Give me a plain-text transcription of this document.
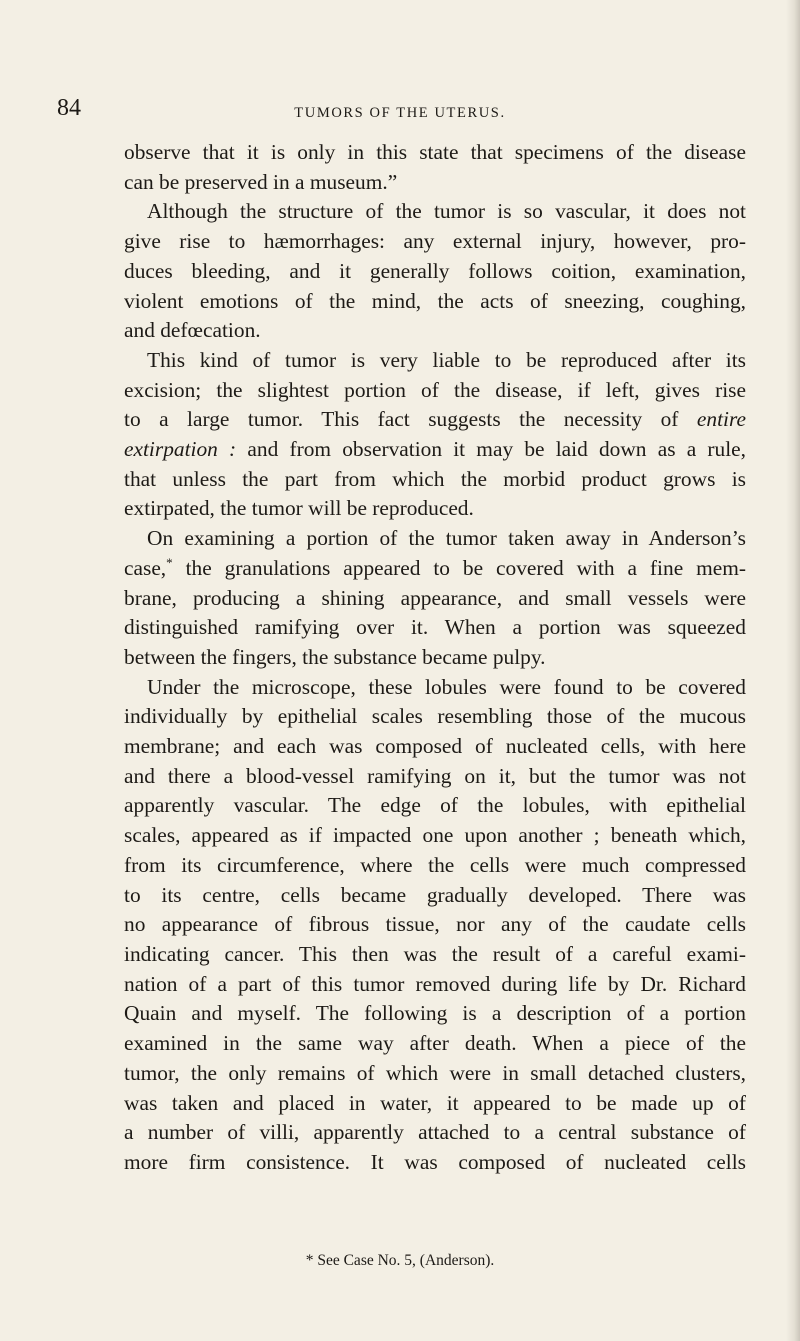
84	TUMORS OF THE UTERUS.
observe that it is only in this state that specimens of the disease
can be preserved in a museum.”
Although the structure of the tumor is so vascular, it does not
give rise to hæmorrhages: any external injury, however, pro-
duces bleeding, and it generally follows coition, examination,
violent emotions of the mind, the acts of sneezing, coughing,
and defœcation.
This kind of tumor is very liable to be reproduced after its
excision; the slightest portion of the disease, if left, gives rise
to a large tumor. This fact suggests the necessity of entire
extirpation : and from observation it may be laid down as a rule,
that unless the part from which the morbid product grows is
extirpated, the tumor will be reproduced.
On examining a portion of the tumor taken away in Anderson’s
case,* the granulations appeared to be covered with a fine mem-
brane, producing a shining appearance, and small vessels were
distinguished ramifying over it. When a portion was squeezed
between the fingers, the substance became pulpy.
Under the microscope, these lobules were found to be covered
individually by epithelial scales resembling those of the mucous
membrane; and each was composed of nucleated cells, with here
and there a blood-vessel ramifying on it, but the tumor was not
apparently vascular. The edge of the lobules, with epithelial
scales, appeared as if impacted one upon another ; beneath which,
from its circumference, where the cells were much compressed
to its centre, cells became gradually developed. There was
no appearance of fibrous tissue, nor any of the caudate cells
indicating cancer. This then was the result of a careful exami-
nation of a part of this tumor removed during life by Dr. Richard
Quain and myself. The following is a description of a portion
examined in the same way after death. When a piece of the
tumor, the only remains of which were in small detached clusters,
was taken and placed in water, it appeared to be made up of
a number of villi, apparently attached to a central substance of
more firm consistence. It was composed of nucleated cells
* See Case No. 5, (Anderson).
